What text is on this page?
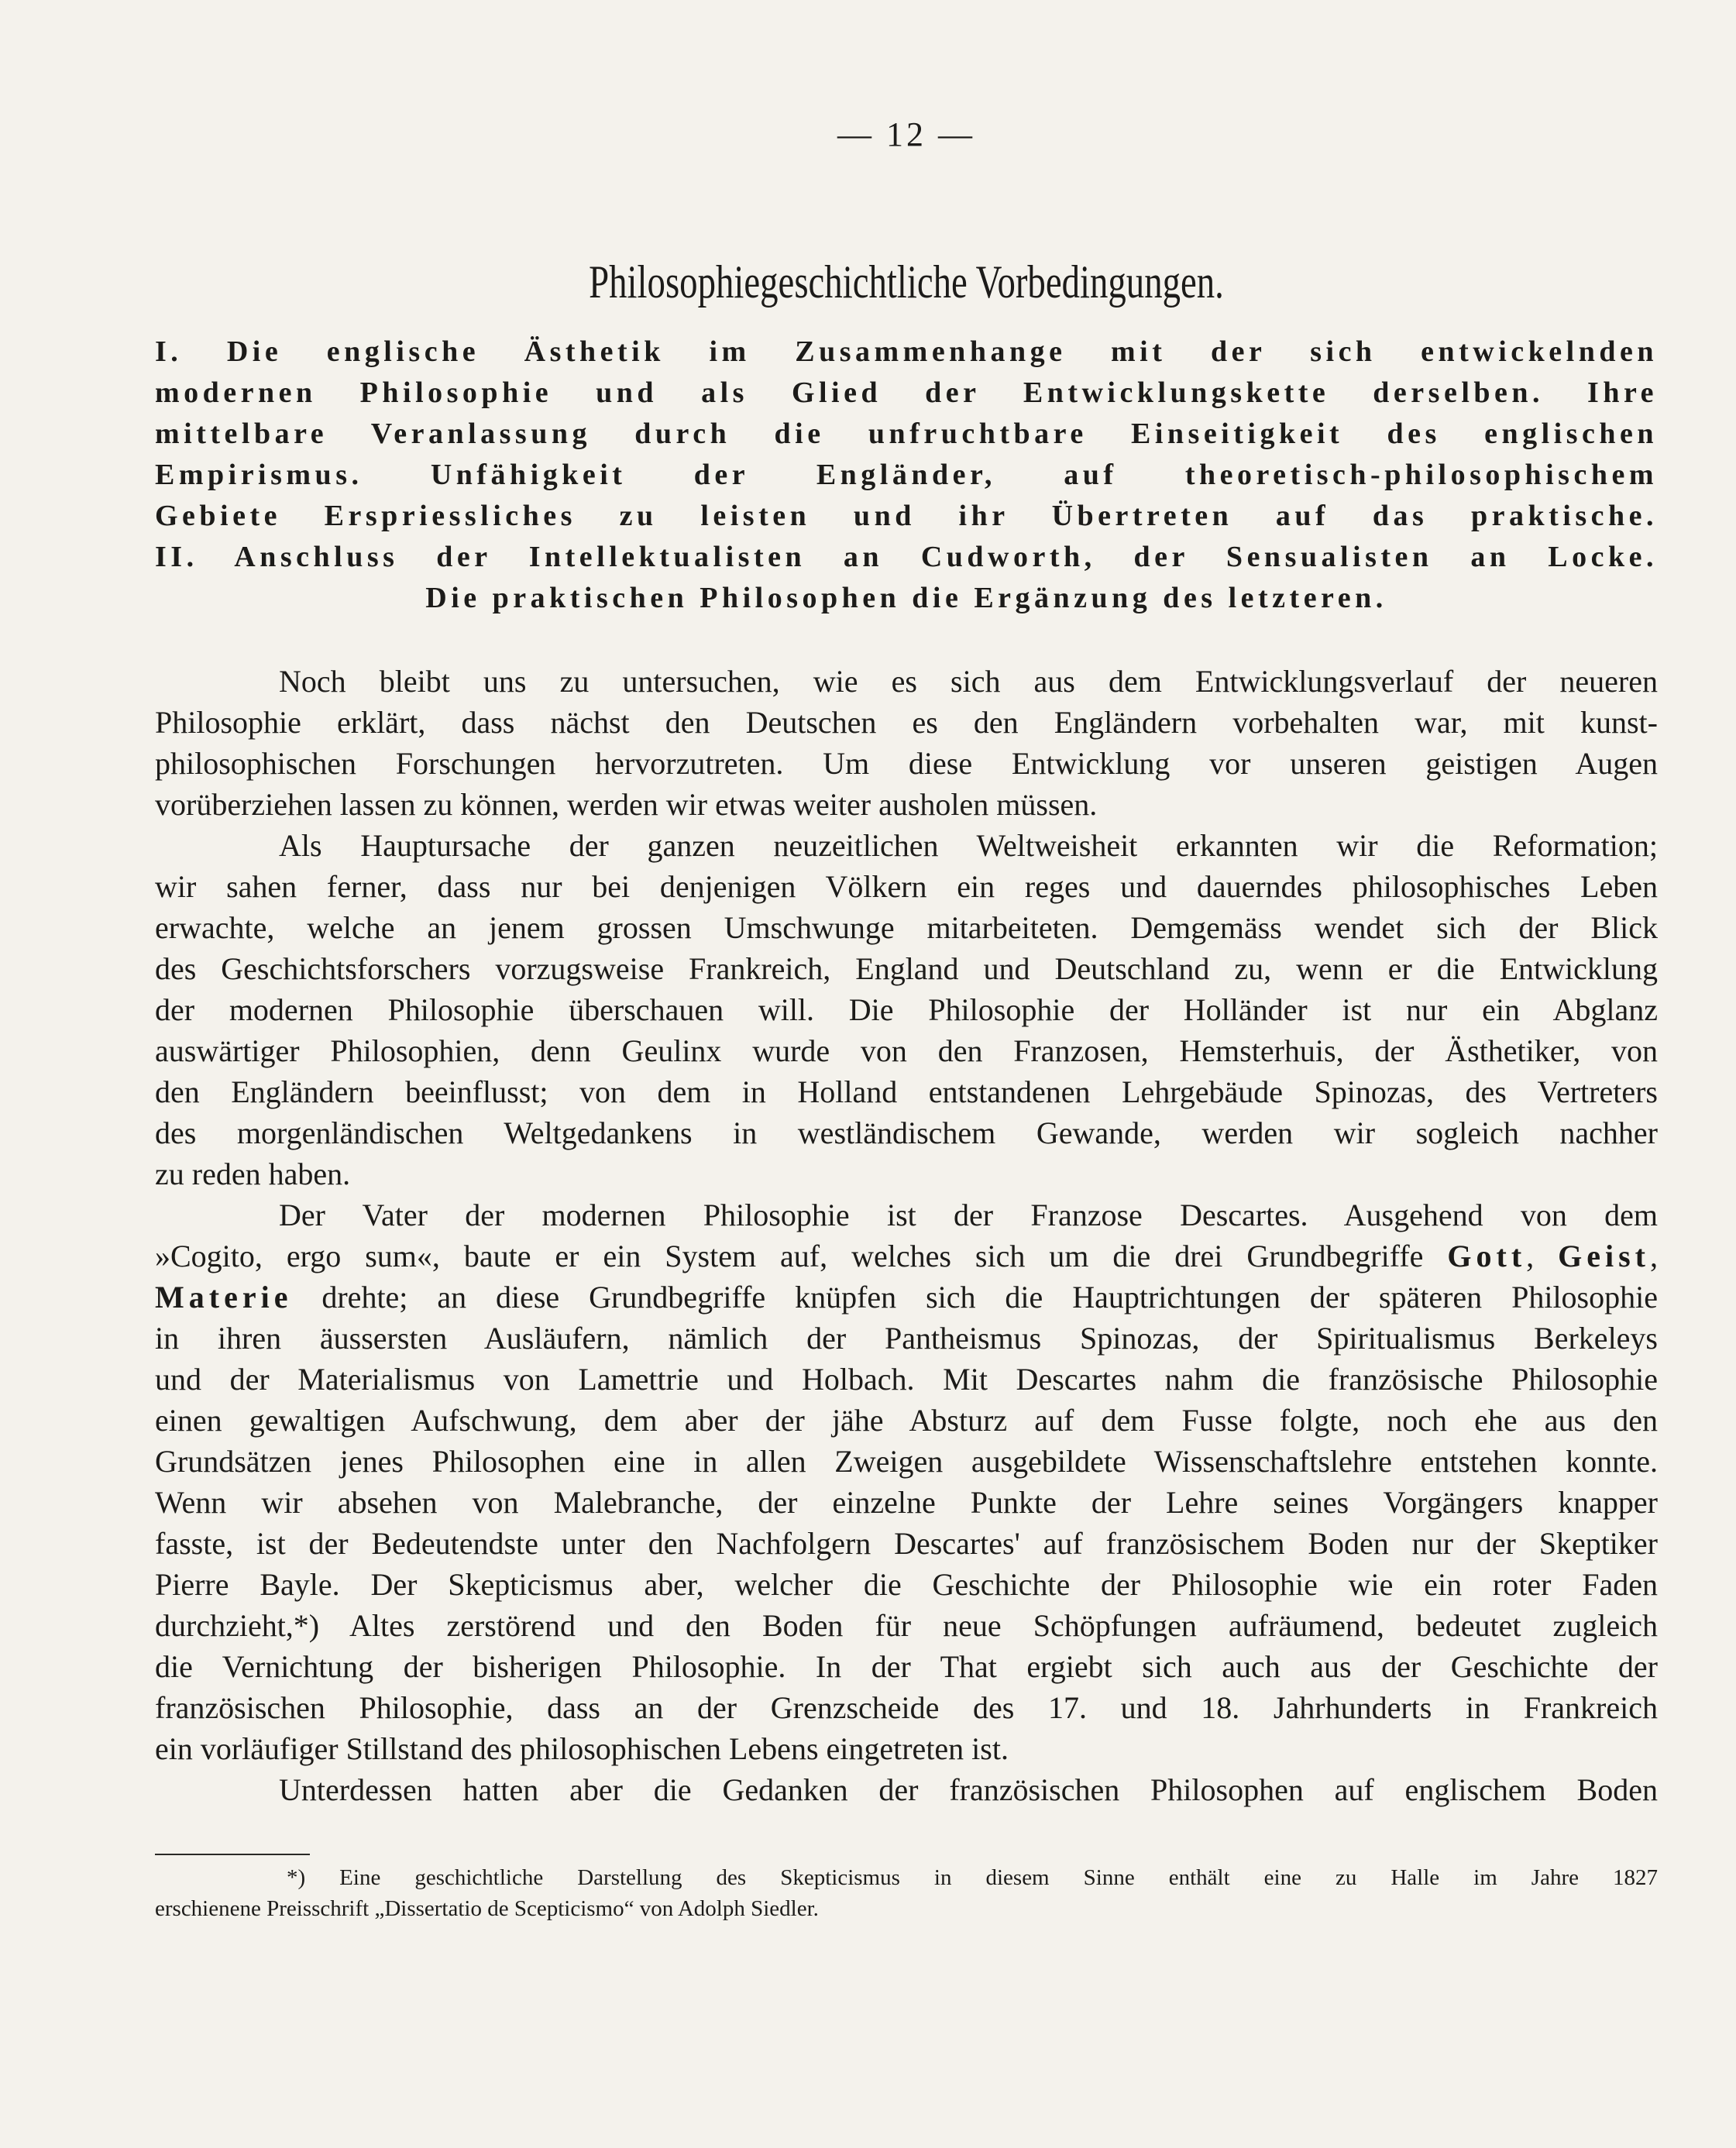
— 12 —
Philosophiegeschichtliche Vorbedingungen.
I. Die englische Ästhetik im Zusammenhange mit der sich entwickelnden
modernen Philosophie und als Glied der Entwicklungskette derselben. Ihre
mittelbare Veranlassung durch die unfruchtbare Einseitigkeit des englischen
Empirismus. Unfähigkeit der Engländer, auf theoretisch-philosophischem
Gebiete Erspriessliches zu leisten und ihr Übertreten auf das praktische.
II. Anschluss der Intellektualisten an Cudworth, der Sensualisten an Locke.
Die praktischen Philosophen die Ergänzung des letzteren.
Noch bleibt uns zu untersuchen, wie es sich aus dem Entwicklungsverlauf der neueren
Philosophie erklärt, dass nächst den Deutschen es den Engländern vorbehalten war, mit kunst-
philosophischen Forschungen hervorzutreten. Um diese Entwicklung vor unseren geistigen Augen
vorüberziehen lassen zu können, werden wir etwas weiter ausholen müssen.
Als Hauptursache der ganzen neuzeitlichen Weltweisheit erkannten wir die Reformation;
wir sahen ferner, dass nur bei denjenigen Völkern ein reges und dauerndes philosophisches Leben
erwachte, welche an jenem grossen Umschwunge mitarbeiteten. Demgemäss wendet sich der Blick
des Geschichtsforschers vorzugsweise Frankreich, England und Deutschland zu, wenn er die Entwicklung
der modernen Philosophie überschauen will. Die Philosophie der Holländer ist nur ein Abglanz
auswärtiger Philosophien, denn Geulinx wurde von den Franzosen, Hemsterhuis, der Ästhetiker, von
den Engländern beeinflusst; von dem in Holland entstandenen Lehrgebäude Spinozas, des Vertreters
des morgenländischen Weltgedankens in westländischem Gewande, werden wir sogleich nachher
zu reden haben.
Der Vater der modernen Philosophie ist der Franzose Descartes. Ausgehend von dem
»Cogito, ergo sum«, baute er ein System auf, welches sich um die drei Grundbegriffe Gott, Geist,
Materie drehte; an diese Grundbegriffe knüpfen sich die Hauptrichtungen der späteren Philosophie
in ihren äussersten Ausläufern, nämlich der Pantheismus Spinozas, der Spiritualismus Berkeleys
und der Materialismus von Lamettrie und Holbach. Mit Descartes nahm die französische Philosophie
einen gewaltigen Aufschwung, dem aber der jähe Absturz auf dem Fusse folgte, noch ehe aus den
Grundsätzen jenes Philosophen eine in allen Zweigen ausgebildete Wissenschaftslehre entstehen konnte.
Wenn wir absehen von Malebranche, der einzelne Punkte der Lehre seines Vorgängers knapper
fasste, ist der Bedeutendste unter den Nachfolgern Descartes' auf französischem Boden nur der Skeptiker
Pierre Bayle. Der Skepticismus aber, welcher die Geschichte der Philosophie wie ein roter Faden
durchzieht,*) Altes zerstörend und den Boden für neue Schöpfungen aufräumend, bedeutet zugleich
die Vernichtung der bisherigen Philosophie. In der That ergiebt sich auch aus der Geschichte der
französischen Philosophie, dass an der Grenzscheide des 17. und 18. Jahrhunderts in Frankreich
ein vorläufiger Stillstand des philosophischen Lebens eingetreten ist.
Unterdessen hatten aber die Gedanken der französischen Philosophen auf englischem Boden
*) Eine geschichtliche Darstellung des Skepticismus in diesem Sinne enthält eine zu Halle im Jahre 1827
erschienene Preisschrift „Dissertatio de Scepticismo“ von Adolph Siedler.
